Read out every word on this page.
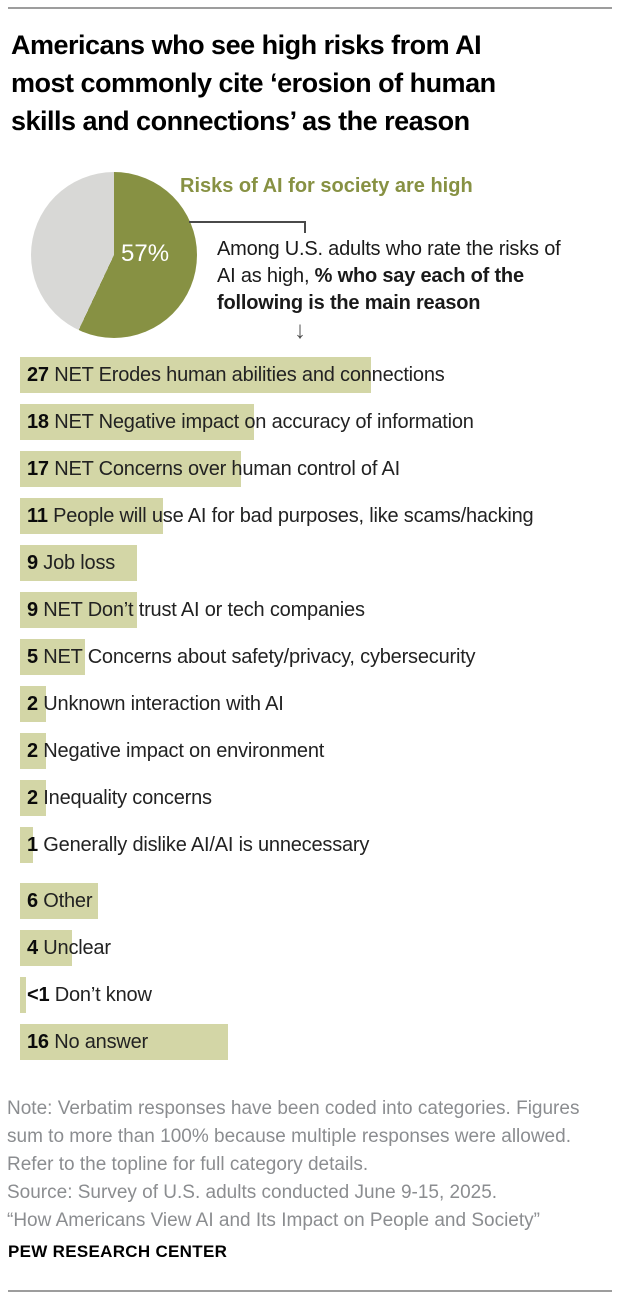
Americans who see high risks from AI
most commonly cite ‘erosion of human
skills and connections’ as the reason
57%
Risks of AI for society are high
Among U.S. adults who rate the risks of AI as high, % who say each of the following is the main reason
↓
27 NET Erodes human abilities and connections
18 NET Negative impact on accuracy of information
17 NET Concerns over human control of AI
11 People will use AI for bad purposes, like scams/hacking
9 Job loss
9 NET Don’t trust AI or tech companies
5 NET Concerns about safety/privacy, cybersecurity
2 Unknown interaction with AI
2 Negative impact on environment
2 Inequality concerns
1 Generally dislike AI/AI is unnecessary
6 Other
4 Unclear
<1 Don’t know
16 No answer
Note: Verbatim responses have been coded into categories. Figures
sum to more than 100% because multiple responses were allowed.
Refer to the topline for full category details.
Source: Survey of U.S. adults conducted June 9-15, 2025.
“How Americans View AI and Its Impact on People and Society”
PEW RESEARCH CENTER
